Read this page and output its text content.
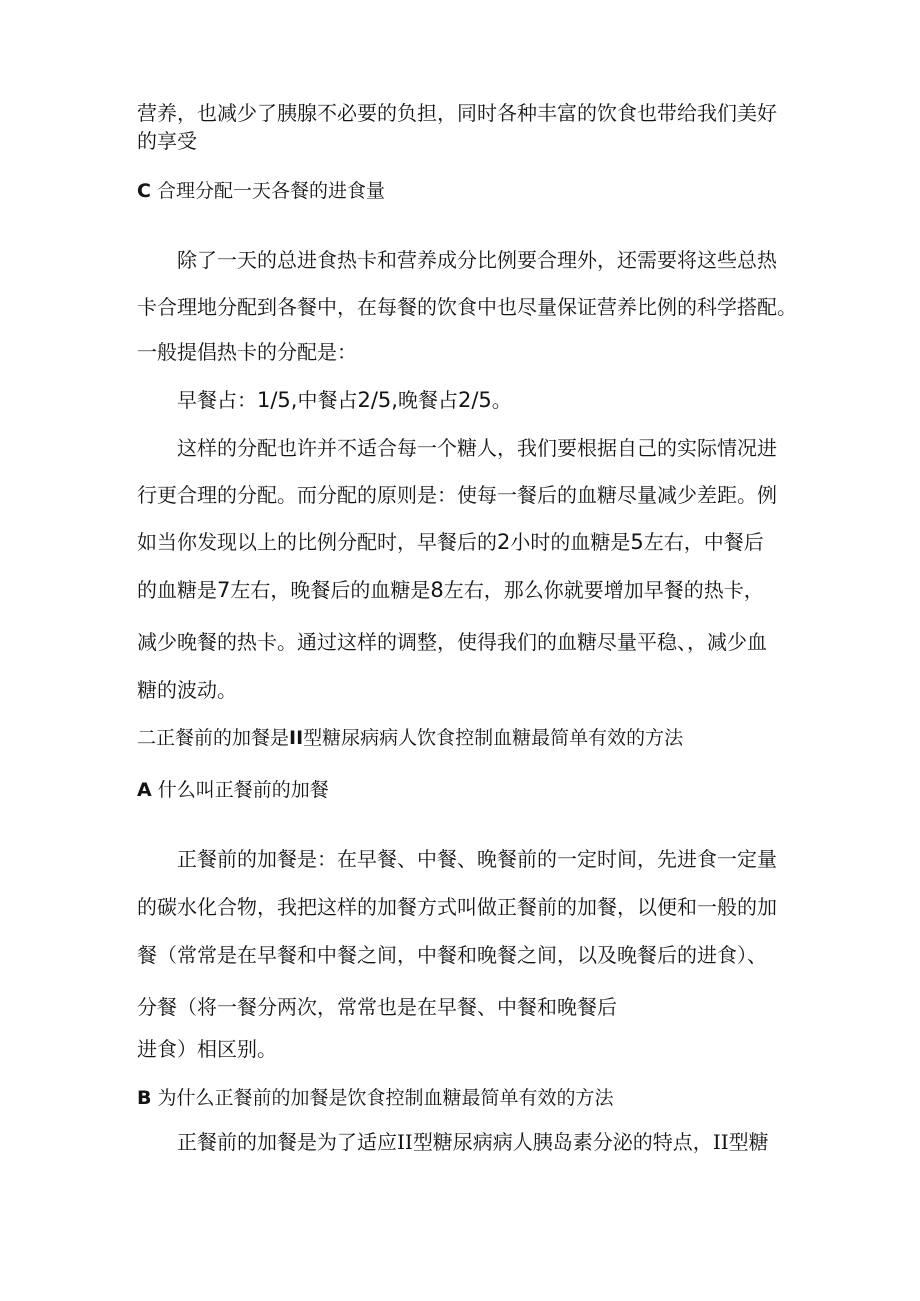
营养，也减少了胰腺不必要的负担，同时各种丰富的饮食也带给我们美好
的享受
C 合理分配一天各餐的进食量
除了一天的总进食热卡和营养成分比例要合理外，还需要将这些总热
卡合理地分配到各餐中，在每餐的饮食中也尽量保证营养比例的科学搭配。
一般提倡热卡的分配是：
早餐占：1/5,中餐占2/5,晚餐占2/5。
这样的分配也许并不适合每一个糖人，我们要根据自己的实际情况进
行更合理的分配。而分配的原则是：使每一餐后的血糖尽量减少差距。例
如当你发现以上的比例分配时，早餐后的2小时的血糖是5左右，中餐后
的血糖是7左右，晚餐后的血糖是8左右，那么你就要增加早餐的热卡，
减少晚餐的热卡。通过这样的调整，使得我们的血糖尽量平稳、，减少血
糖的波动。
二正餐前的加餐是II型糖尿病病人饮食控制血糖最简单有效的方法
A 什么叫正餐前的加餐
正餐前的加餐是：在早餐、中餐、晚餐前的一定时间，先进食一定量
的碳水化合物，我把这样的加餐方式叫做正餐前的加餐，以便和一般的加
餐（常常是在早餐和中餐之间，中餐和晚餐之间，以及晚餐后的进食）、
分餐（将一餐分两次，常常也是在早餐、中餐和晚餐后
进食）相区别。
B 为什么正餐前的加餐是饮食控制血糖最简单有效的方法
正餐前的加餐是为了适应II型糖尿病病人胰岛素分泌的特点，II型糖
